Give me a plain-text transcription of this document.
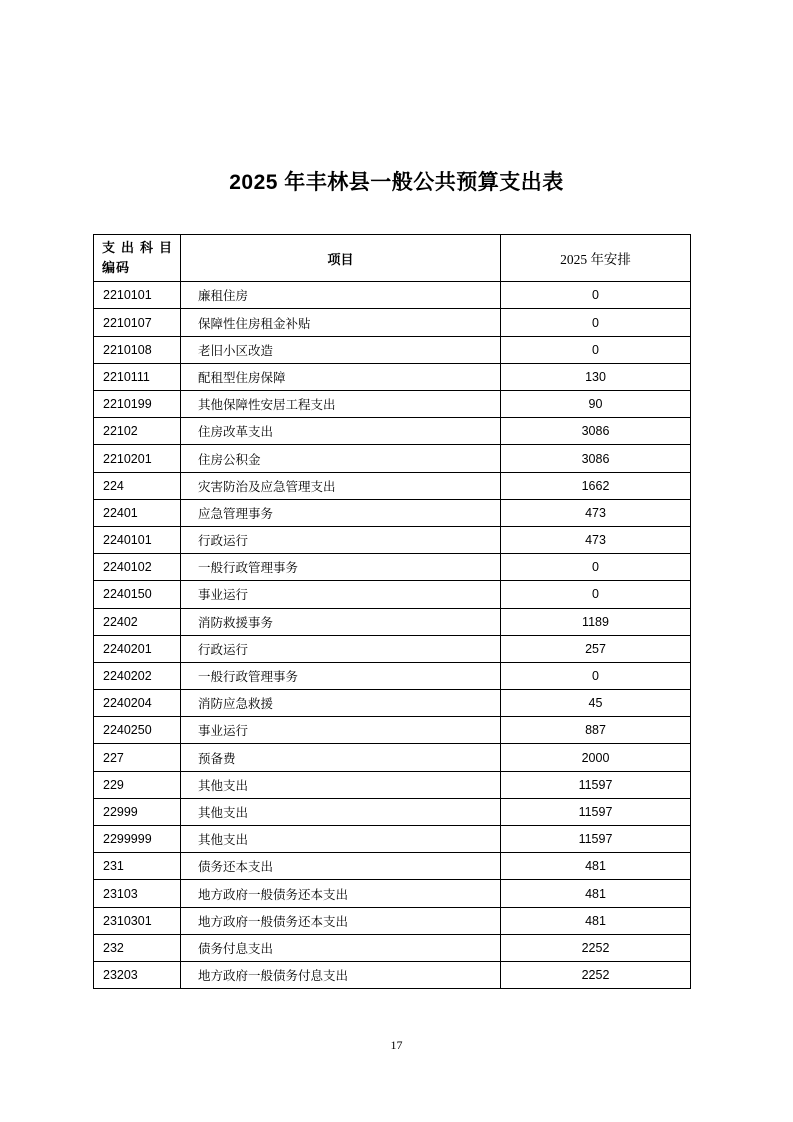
2025 年丰林县一般公共预算支出表
支出科目
编码	项目	2025 年安排
2210101	廉租住房	0
2210107	保障性住房租金补贴	0
2210108	老旧小区改造	0
2210111	配租型住房保障	130
2210199	其他保障性安居工程支出	90
22102	住房改革支出	3086
2210201	住房公积金	3086
224	灾害防治及应急管理支出	1662
22401	应急管理事务	473
2240101	行政运行	473
2240102	一般行政管理事务	0
2240150	事业运行	0
22402	消防救援事务	1189
2240201	行政运行	257
2240202	一般行政管理事务	0
2240204	消防应急救援	45
2240250	事业运行	887
227	预备费	2000
229	其他支出	11597
22999	其他支出	11597
2299999	其他支出	11597
231	债务还本支出	481
23103	地方政府一般债务还本支出	481
2310301	地方政府一般债务还本支出	481
232	债务付息支出	2252
23203	地方政府一般债务付息支出	2252
17
